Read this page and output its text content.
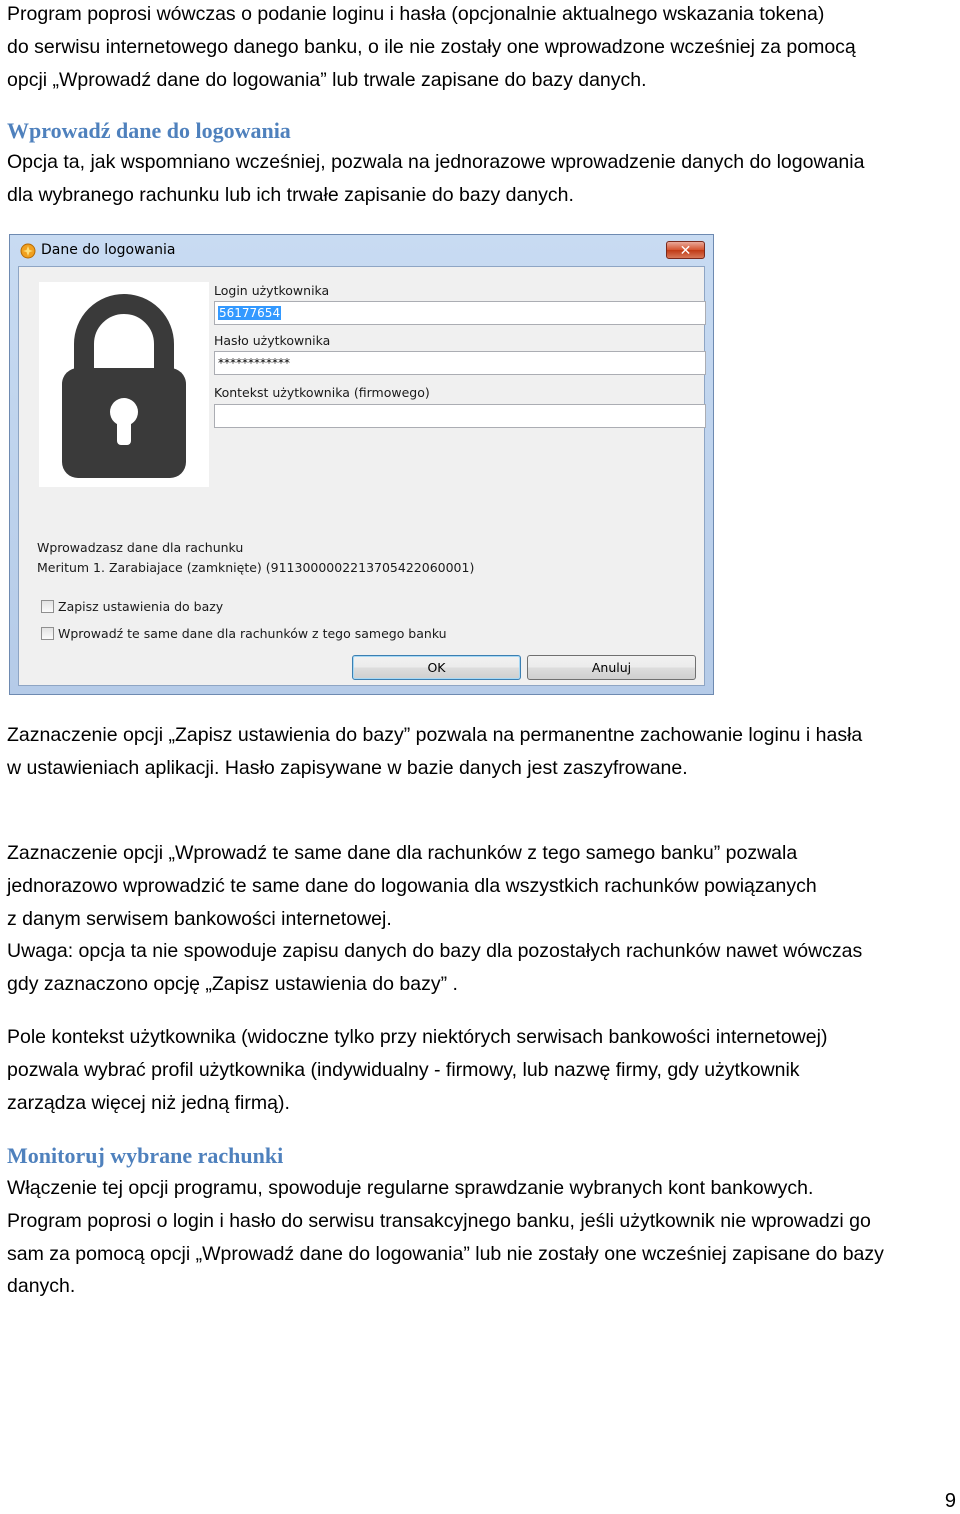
Program poprosi wówczas o podanie loginu i hasła (opcjonalnie aktualnego wskazania tokena)
do serwisu internetowego danego banku, o ile nie zostały one wprowadzone wcześniej za pomocą
opcji „Wprowadź dane do logowania” lub trwale zapisane do bazy danych.

Wprowadź dane do logowania

Opcja ta, jak wspomniano wcześniej, pozwala na jednorazowe wprowadzenie danych do logowania
dla wybranego rachunku lub ich trwałe zapisanie do bazy danych.

Dane do logowania	✕
Login użytkownika
56177654
Hasło użytkownika
************
Kontekst użytkownika (firmowego)
Wprowadzasz dane dla rachunku
Meritum 1. Zarabiajace (zamknięte) (91130000022137054220600​01)
Zapisz ustawienia do bazy
Wprowadź te same dane dla rachunków z tego samego banku
OK	Anuluj

Zaznaczenie opcji „Zapisz ustawienia do bazy” pozwala na permanentne zachowanie loginu i hasła
w ustawieniach aplikacji. Hasło zapisywane w bazie danych jest zaszyfrowane.

Zaznaczenie opcji „Wprowadź te same dane dla rachunków z tego samego banku” pozwala
jednorazowo wprowadzić te same dane do logowania dla wszystkich rachunków powiązanych
z danym serwisem bankowości internetowej.
Uwaga: opcja ta nie spowoduje zapisu danych do bazy dla pozostałych rachunków nawet wówczas
gdy zaznaczono opcję „Zapisz ustawienia do bazy” .

Pole kontekst użytkownika (widoczne tylko przy niektórych serwisach bankowości internetowej)
pozwala wybrać profil użytkownika (indywidualny - firmowy, lub nazwę firmy, gdy użytkownik
zarządza więcej niż jedną firmą).

Monitoruj wybrane rachunki

Włączenie tej opcji programu, spowoduje regularne sprawdzanie wybranych kont bankowych.
Program poprosi o login i hasło do serwisu transakcyjnego banku, jeśli użytkownik nie wprowadzi go
sam za pomocą opcji „Wprowadź dane do logowania” lub nie zostały one wcześniej zapisane do bazy
danych.

9
